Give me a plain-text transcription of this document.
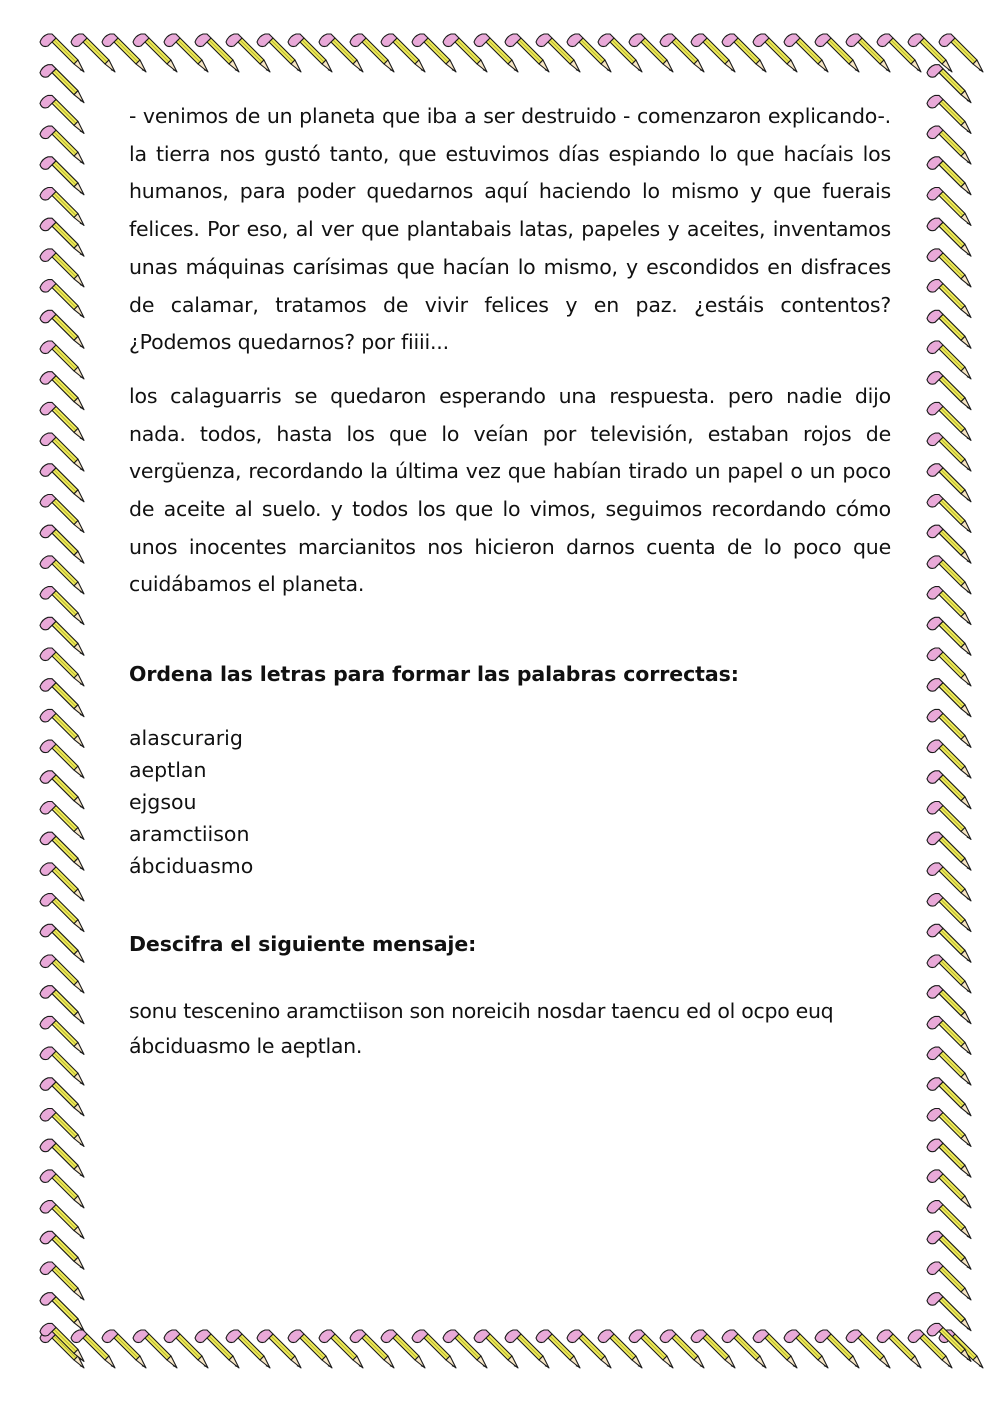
- venimos de un planeta que iba a ser destruido - comenzaron explicando-. la tierra nos gustó tanto, que estuvimos días espiando lo que hacíais los humanos, para poder quedarnos aquí haciendo lo mismo y que fuerais felices. Por eso, al ver que plantabais latas, papeles y aceites, inventamos unas máquinas carísimas que hacían lo mismo, y escondidos en disfraces de calamar, tratamos de vivir felices y en paz. ¿estáis contentos? ¿Podemos quedarnos? por fiiii...

los calaguarris se quedaron esperando una respuesta. pero nadie dijo nada. todos, hasta los que lo veían por televisión, estaban rojos de vergüenza, recordando la última vez que habían tirado un papel o un poco de aceite al suelo. y todos los que lo vimos, seguimos recordando cómo unos inocentes marcianitos nos hicieron darnos cuenta de lo poco que cuidábamos el planeta.

Ordena las letras para formar las palabras correctas:

alascurarig
aeptlan
ejgsou
aramctiison
ábciduasmo

Descifra el siguiente mensaje:

sonu tescenino aramctiison son noreicih nosdar taencu ed ol ocpo euq ábciduasmo le aeptlan.
